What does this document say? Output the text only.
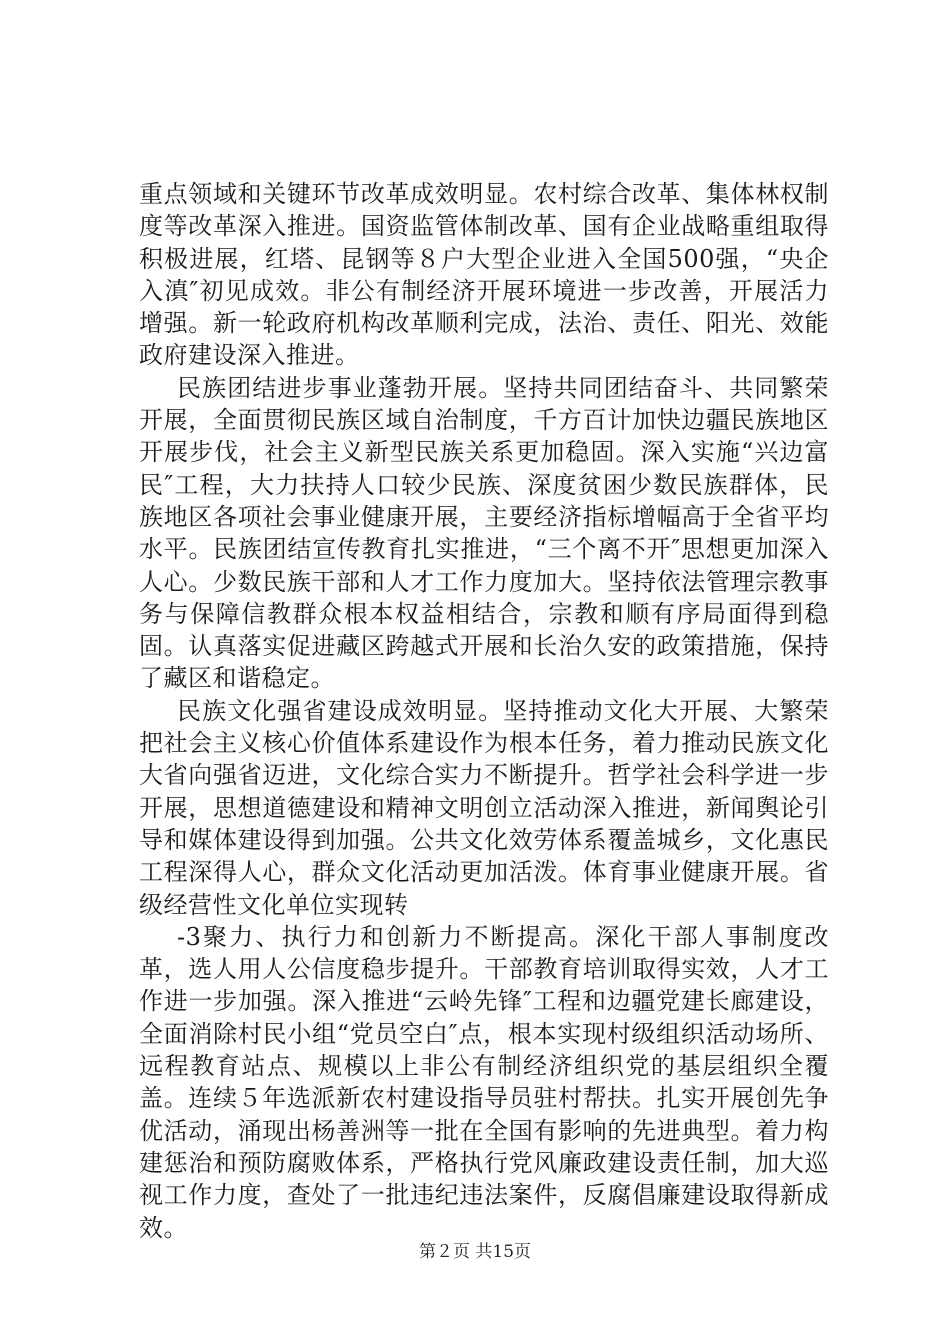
重点领域和关键环节改革成效明显。农村综合改革、集体林权制度等改革深入推进。国资监管体制改革、国有企业战略重组取得积极进展，红塔、昆钢等８户大型企业进入全国500强，“央企入滇″初见成效。非公有制经济开展环境进一步改善，开展活力增强。新一轮政府机构改革顺利完成，法治、责任、阳光、效能政府建设深入推进。

民族团结进步事业蓬勃开展。坚持共同团结奋斗、共同繁荣开展，全面贯彻民族区域自治制度，千方百计加快边疆民族地区开展步伐，社会主义新型民族关系更加稳固。深入实施“兴边富民″工程，大力扶持人口较少民族、深度贫困少数民族群体，民族地区各项社会事业健康开展，主要经济指标增幅高于全省平均水平。民族团结宣传教育扎实推进，“三个离不开″思想更加深入人心。少数民族干部和人才工作力度加大。坚持依法管理宗教事务与保障信教群众根本权益相结合，宗教和顺有序局面得到稳固。认真落实促进藏区跨越式开展和长治久安的政策措施，保持了藏区和谐稳定。

民族文化强省建设成效明显。坚持推动文化大开展、大繁荣把社会主义核心价值体系建设作为根本任务，着力推动民族文化大省向强省迈进，文化综合实力不断提升。哲学社会科学进一步开展，思想道德建设和精神文明创立活动深入推进，新闻舆论引导和媒体建设得到加强。公共文化效劳体系覆盖城乡，文化惠民工程深得人心，群众文化活动更加活泼。体育事业健康开展。省级经营性文化单位实现转

-3聚力、执行力和创新力不断提高。深化干部人事制度改革，选人用人公信度稳步提升。干部教育培训取得实效，人才工作进一步加强。深入推进“云岭先锋″工程和边疆党建长廊建设，全面消除村民小组“党员空白″点，根本实现村级组织活动场所、远程教育站点、规模以上非公有制经济组织党的基层组织全覆盖。连续５年选派新农村建设指导员驻村帮扶。扎实开展创先争优活动，涌现出杨善洲等一批在全国有影响的先进典型。着力构建惩治和预防腐败体系，严格执行党风廉政建设责任制，加大巡视工作力度，查处了一批违纪违法案件，反腐倡廉建设取得新成效。

第２页 共15页
